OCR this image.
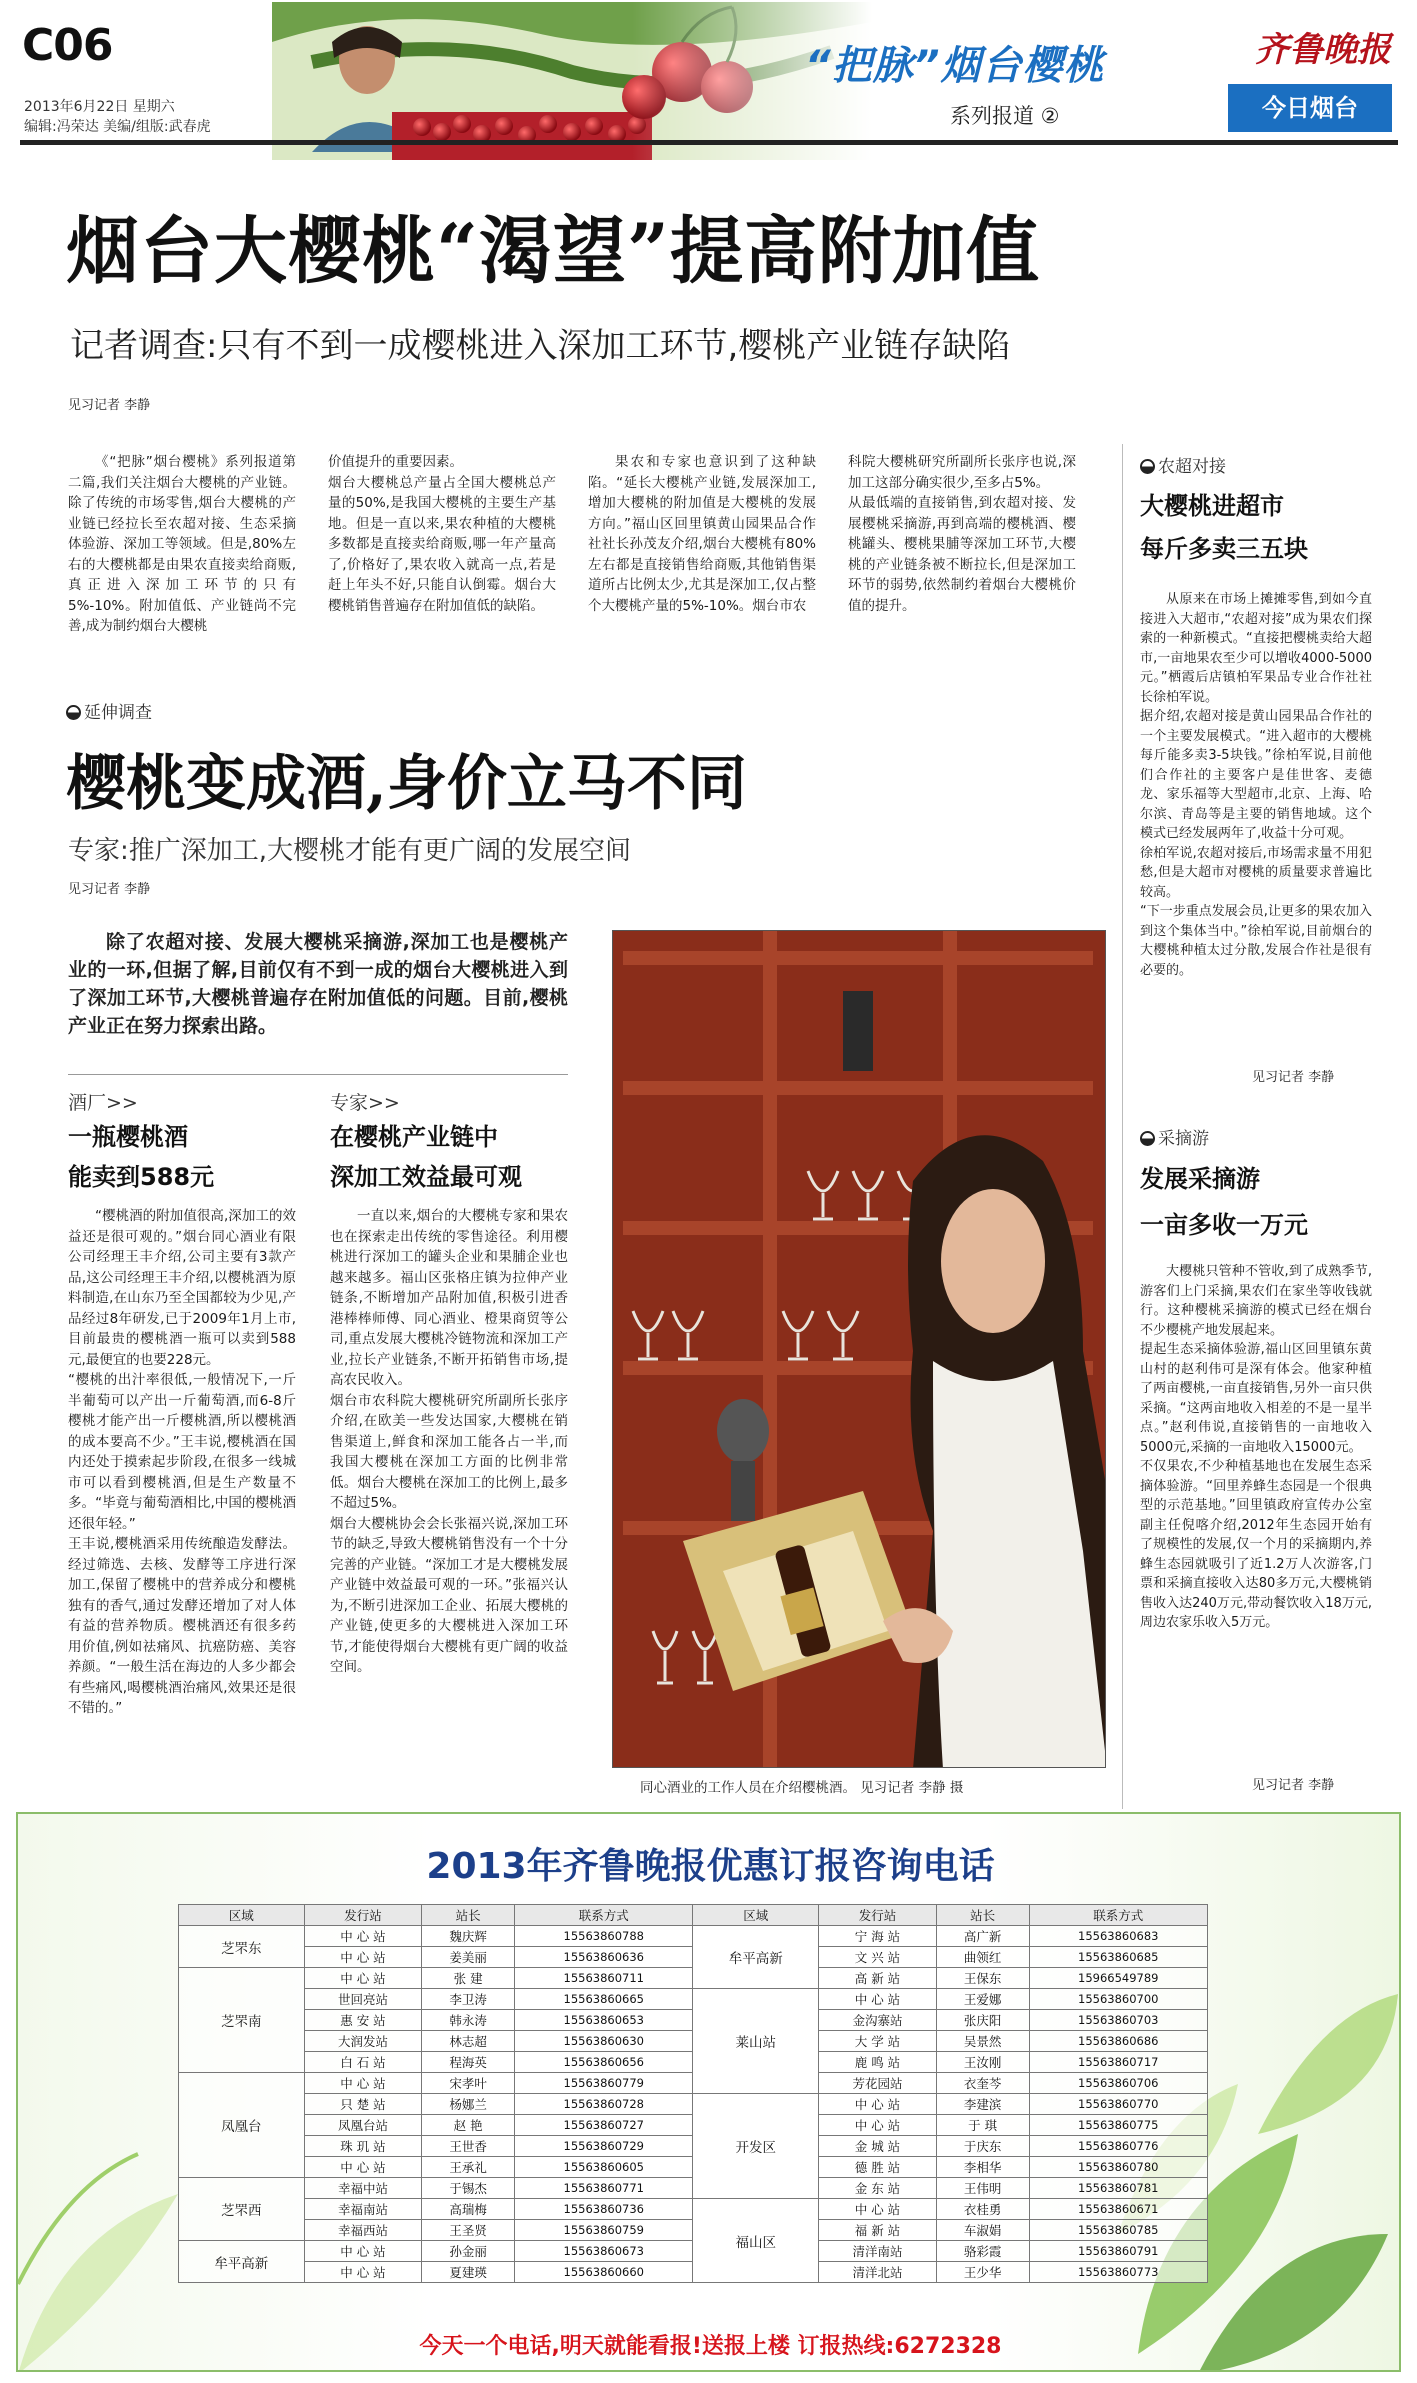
C06
2013年6月22日 星期六
编辑:冯荣达 美编/组版:武春虎
“把脉”烟台樱桃
系列报道 ②
齐鲁晚报
今日烟台
烟台大樱桃“渴望”提高附加值
记者调查:只有不到一成樱桃进入深加工环节,樱桃产业链存缺陷
见习记者 李静
《“把脉”烟台樱桃》系列报道第二篇,我们关注烟台大樱桃的产业链。除了传统的市场零售,烟台大樱桃的产业链已经拉长至农超对接、生态采摘体验游、深加工等领域。但是,80%左右的大樱桃都是由果农直接卖给商贩,真正进入深加工环节的只有5%-10%。附加值低、产业链尚不完善,成为制约烟台大樱桃
价值提升的重要因素。
烟台大樱桃总产量占全国大樱桃总产量的50%,是我国大樱桃的主要生产基地。但是一直以来,果农种植的大樱桃多数都是直接卖给商贩,哪一年产量高了,价格好了,果农收入就高一点,若是赶上年头不好,只能自认倒霉。烟台大樱桃销售普遍存在附加值低的缺陷。
果农和专家也意识到了这种缺陷。“延长大樱桃产业链,发展深加工,增加大樱桃的附加值是大樱桃的发展方向。”福山区回里镇黄山园果品合作社社长孙茂友介绍,烟台大樱桃有80%左右都是直接销售给商贩,其他销售渠道所占比例太少,尤其是深加工,仅占整个大樱桃产量的5%-10%。烟台市农
科院大樱桃研究所副所长张序也说,深加工这部分确实很少,至多占5%。
从最低端的直接销售,到农超对接、发展樱桃采摘游,再到高端的樱桃酒、樱桃罐头、樱桃果脯等深加工环节,大樱桃的产业链条被不断拉长,但是深加工环节的弱势,依然制约着烟台大樱桃价值的提升。
延伸调查
樱桃变成酒,身价立马不同
专家:推广深加工,大樱桃才能有更广阔的发展空间
见习记者 李静
除了农超对接、发展大樱桃采摘游,深加工也是樱桃产业的一环,但据了解,目前仅有不到一成的烟台大樱桃进入到了深加工环节,大樱桃普遍存在附加值低的问题。目前,樱桃产业正在努力探索出路。
酒厂>>
一瓶樱桃酒
能卖到588元
“樱桃酒的附加值很高,深加工的效益还是很可观的。”烟台同心酒业有限公司经理王丰介绍,公司主要有3款产品,这公司经理王丰介绍,以樱桃酒为原料制造,在山东乃至全国都较为少见,产品经过8年研发,已于2009年1月上市,目前最贵的樱桃酒一瓶可以卖到588元,最便宜的也要228元。
“樱桃的出汁率很低,一般情况下,一斤半葡萄可以产出一斤葡萄酒,而6-8斤樱桃才能产出一斤樱桃酒,所以樱桃酒的成本要高不少。”王丰说,樱桃酒在国内还处于摸索起步阶段,在很多一线城市可以看到樱桃酒,但是生产数量不多。“毕竟与葡萄酒相比,中国的樱桃酒还很年轻。”
王丰说,樱桃酒采用传统酿造发酵法。经过筛选、去核、发酵等工序进行深加工,保留了樱桃中的营养成分和樱桃独有的香气,通过发酵还增加了对人体有益的营养物质。樱桃酒还有很多药用价值,例如祛痛风、抗癌防癌、美容养颜。“一般生活在海边的人多少都会有些痛风,喝樱桃酒治痛风,效果还是很不错的。”
专家>>
在樱桃产业链中
深加工效益最可观
一直以来,烟台的大樱桃专家和果农也在探索走出传统的零售途径。利用樱桃进行深加工的罐头企业和果脯企业也越来越多。福山区张格庄镇为拉伸产业链条,不断增加产品附加值,积极引进香港棒棒师傅、同心酒业、橙果商贸等公司,重点发展大樱桃冷链物流和深加工产业,拉长产业链条,不断开拓销售市场,提高农民收入。
烟台市农科院大樱桃研究所副所长张序介绍,在欧美一些发达国家,大樱桃在销售渠道上,鲜食和深加工能各占一半,而我国大樱桃在深加工方面的比例非常低。烟台大樱桃在深加工的比例上,最多不超过5%。
烟台大樱桃协会会长张福兴说,深加工环节的缺乏,导致大樱桃销售没有一个十分完善的产业链。“深加工才是大樱桃发展产业链中效益最可观的一环。”张福兴认为,不断引进深加工企业、拓展大樱桃的产业链,使更多的大樱桃进入深加工环节,才能使得烟台大樱桃有更广阔的收益空间。
同心酒业的工作人员在介绍樱桃酒。 见习记者 李静 摄
农超对接
大樱桃进超市
每斤多卖三五块
从原来在市场上摊摊零售,到如今直接进入大超市,“农超对接”成为果农们探索的一种新模式。“直接把樱桃卖给大超市,一亩地果农至少可以增收4000-5000元。”栖霞后店镇柏军果品专业合作社社长徐柏军说。
据介绍,农超对接是黄山园果品合作社的一个主要发展模式。“进入超市的大樱桃每斤能多卖3-5块钱。”徐柏军说,目前他们合作社的主要客户是佳世客、麦德龙、家乐福等大型超市,北京、上海、哈尔滨、青岛等是主要的销售地域。这个模式已经发展两年了,收益十分可观。
徐柏军说,农超对接后,市场需求量不用犯愁,但是大超市对樱桃的质量要求普遍比较高。
“下一步重点发展会员,让更多的果农加入到这个集体当中。”徐柏军说,目前烟台的大樱桃种植太过分散,发展合作社是很有必要的。
见习记者 李静
采摘游
发展采摘游
一亩多收一万元
大樱桃只管种不管收,到了成熟季节,游客们上门采摘,果农们在家坐等收钱就行。这种樱桃采摘游的模式已经在烟台不少樱桃产地发展起来。
提起生态采摘体验游,福山区回里镇东黄山村的赵利伟可是深有体会。他家种植了两亩樱桃,一亩直接销售,另外一亩只供采摘。“这两亩地收入相差的不是一星半点。”赵利伟说,直接销售的一亩地收入5000元,采摘的一亩地收入15000元。
不仅果农,不少种植基地也在发展生态采摘体验游。“回里养蜂生态园是一个很典型的示范基地。”回里镇政府宣传办公室副主任倪喀介绍,2012年生态园开始有了规模性的发展,仅一个月的采摘期内,养蜂生态园就吸引了近1.2万人次游客,门票和采摘直接收入达80多万元,大樱桃销售收入达240万元,带动餐饮收入18万元,周边农家乐收入5万元。
见习记者 李静
2013年齐鲁晚报优惠订报咨询电话
区域	发行站	站长	联系方式	区域	发行站	站长	联系方式
芝罘东	中 心 站	魏庆辉	15563860788	牟平高新	宁 海 站	高广新	15563860683
	中 心 站	姜美丽	15563860636		文 兴 站	曲领红	15563860685
芝罘南	中 心 站	张 建	15563860711		高 新 站	王保东	15966549789
	世回亮站	李卫涛	15563860665	莱山站	中 心 站	王爱娜	15563860700
	惠 安 站	韩永涛	15563860653		金沟寨站	张庆阳	15563860703
	大润发站	林志超	15563860630		大 学 站	吴景然	15563860686
	白 石 站	程海英	15563860656		鹿 鸣 站	王汝刚	15563860717
凤凰台	中 心 站	宋孝叶	15563860779		芳花园站	衣奎芩	15563860706
	只 楚 站	杨娜兰	15563860728	开发区	中 心 站	李建滨	15563860770
	凤凰台站	赵 艳	15563860727		中 心 站	于 琪	15563860775
	珠 玑 站	王世香	15563860729		金 城 站	于庆东	15563860776
	中 心 站	王承礼	15563860605		德 胜 站	李相华	15563860780
芝罘西	幸福中站	于锡杰	15563860771		金 东 站	王伟明	15563860781
	幸福南站	高瑞梅	15563860736	福山区	中 心 站	衣桂勇	15563860671
	幸福西站	王圣贤	15563860759		福 新 站	车淑娟	15563860785
牟平高新	中 心 站	孙金丽	15563860673		清洋南站	骆彩霞	15563860791
	中 心 站	夏建瑛	15563860660		清洋北站	王少华	15563860773
今天一个电话,明天就能看报!送报上楼 订报热线:6272328
